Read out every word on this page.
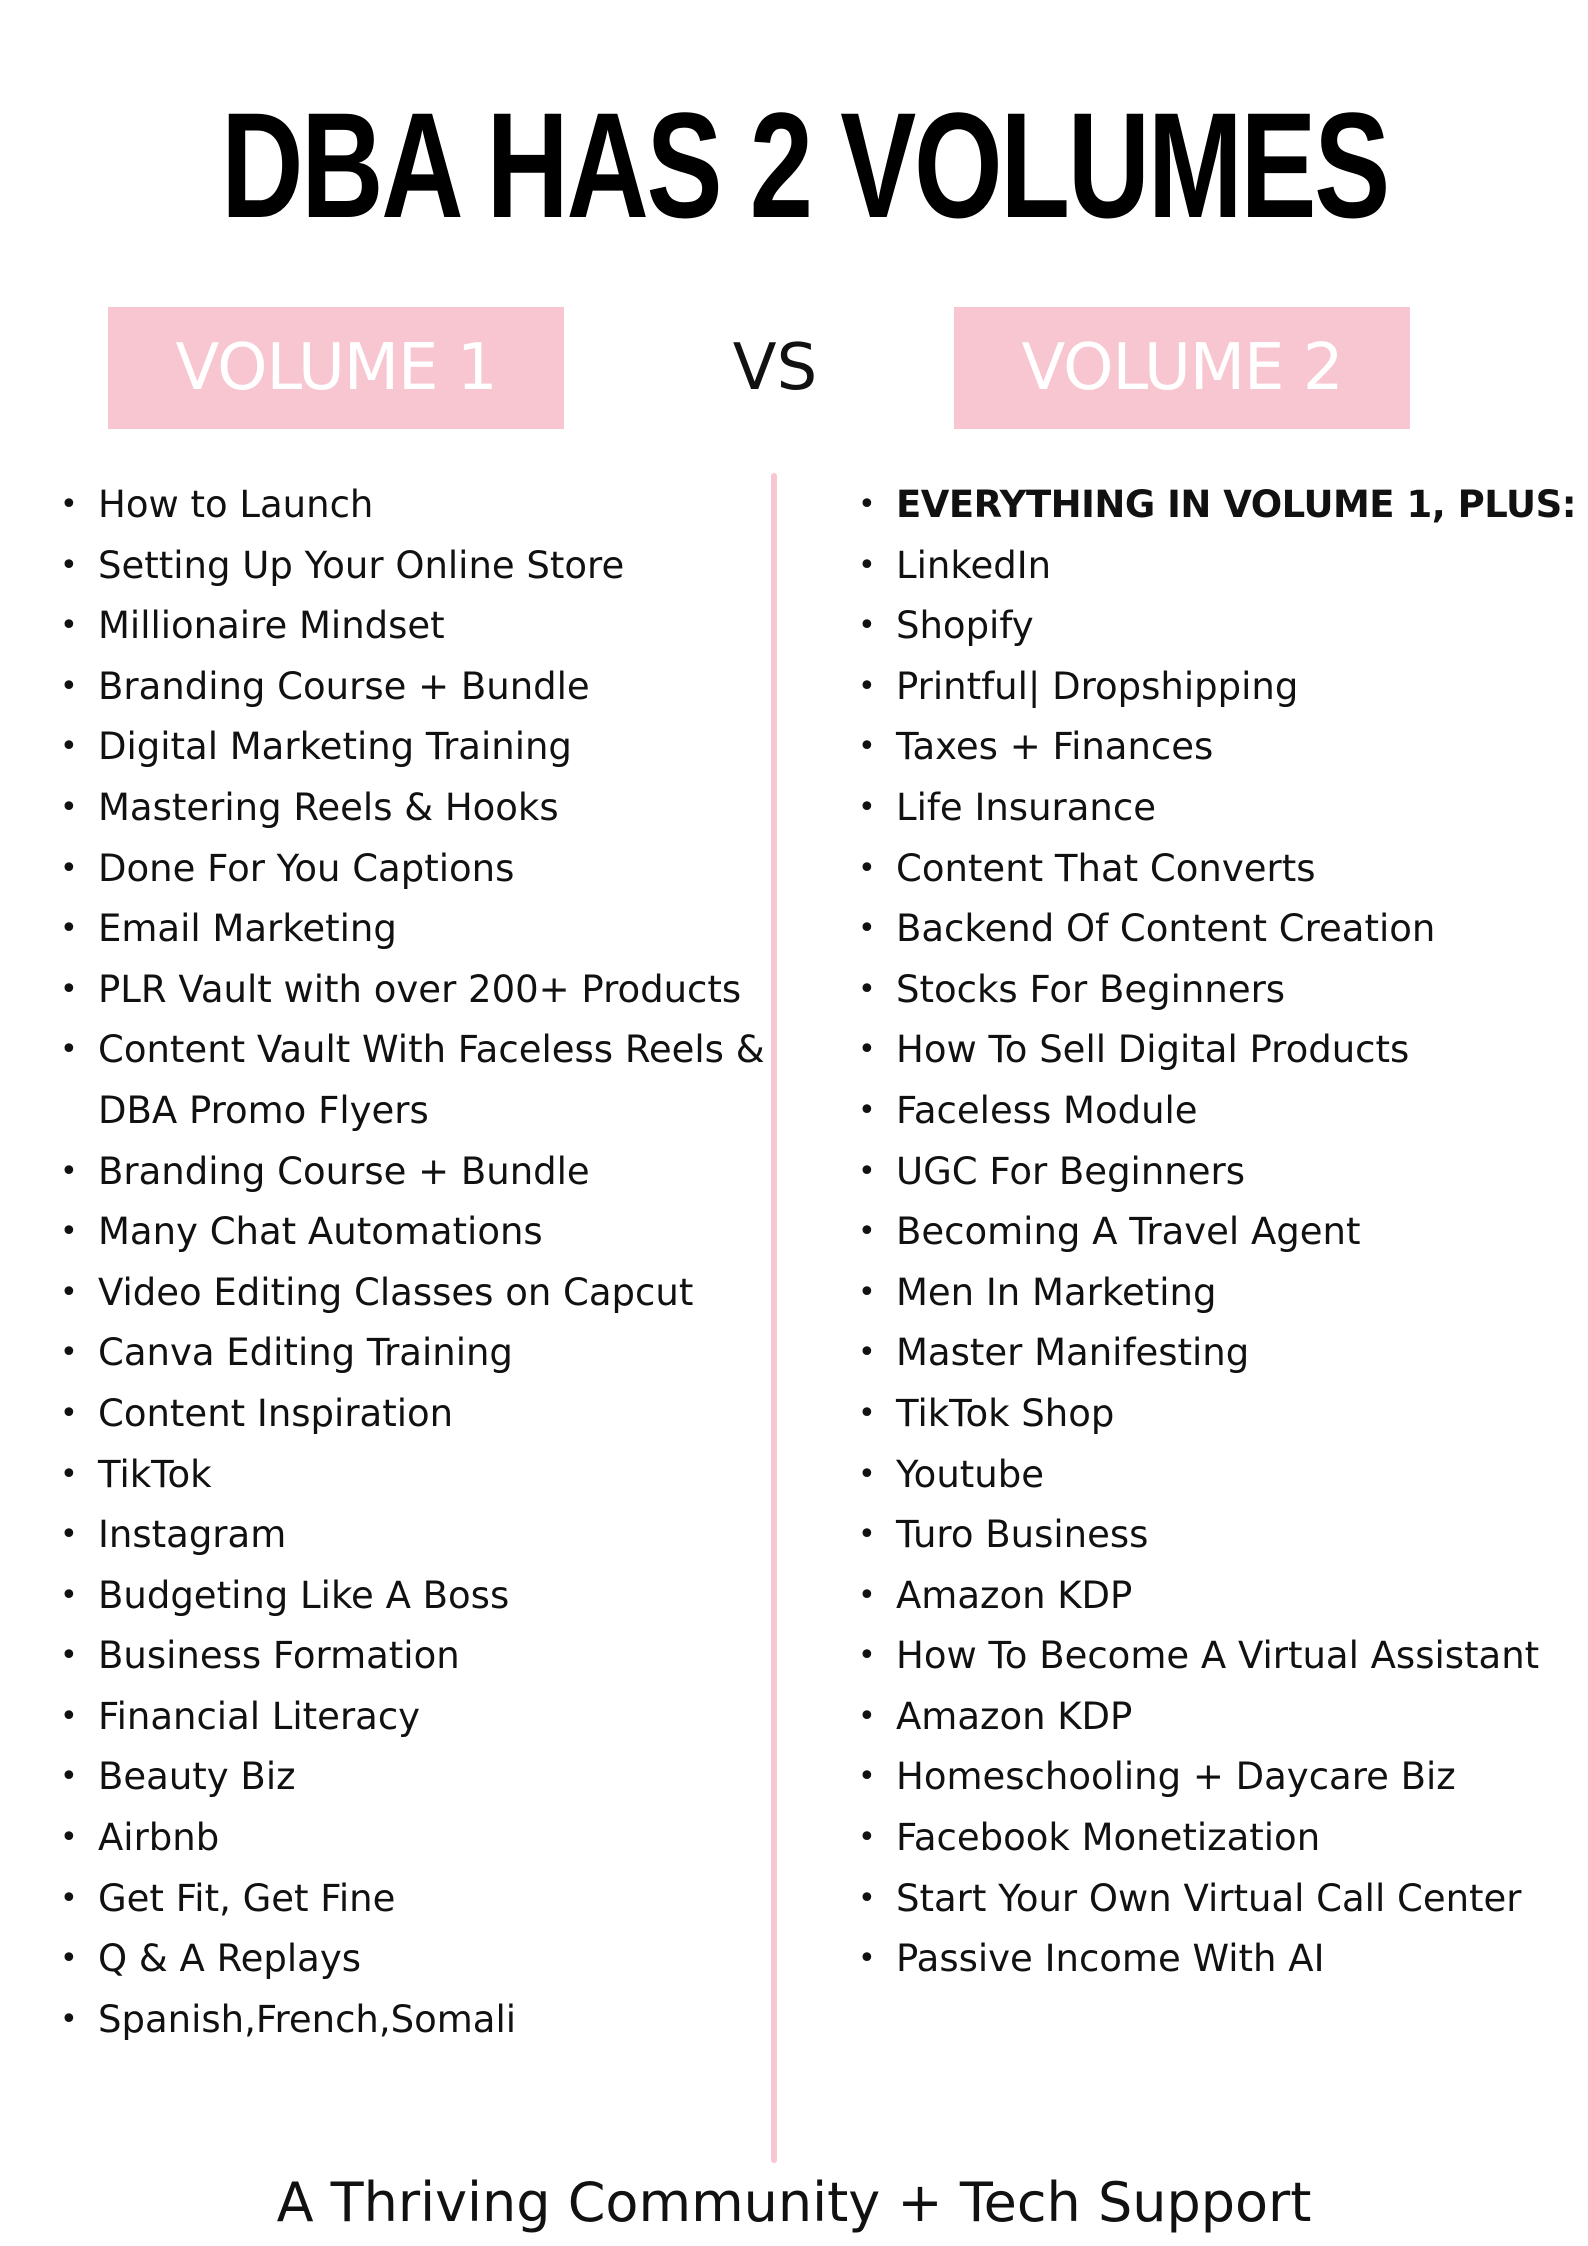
DBA HAS 2 VOLUMES
VOLUME 1	VS	VOLUME 2
• How to Launch
• Setting Up Your Online Store
• Millionaire Mindset
• Branding Course + Bundle
• Digital Marketing Training
• Mastering Reels & Hooks
• Done For You Captions
• Email Marketing
• PLR Vault with over 200+ Products
• Content Vault With Faceless Reels &
DBA Promo Flyers
• Branding Course + Bundle
• Many Chat Automations
• Video Editing Classes on Capcut
• Canva Editing Training
• Content Inspiration
• TikTok
• Instagram
• Budgeting Like A Boss
• Business Formation
• Financial Literacy
• Beauty Biz
• Airbnb
• Get Fit, Get Fine
• Q & A Replays
• Spanish,French,Somali
• EVERYTHING IN VOLUME 1, PLUS:
• LinkedIn
• Shopify
• Printful| Dropshipping
• Taxes + Finances
• Life Insurance
• Content That Converts
• Backend Of Content Creation
• Stocks For Beginners
• How To Sell Digital Products
• Faceless Module
• UGC For Beginners
• Becoming A Travel Agent
• Men In Marketing
• Master Manifesting
• TikTok Shop
• Youtube
• Turo Business
• Amazon KDP
• How To Become A Virtual Assistant
• Amazon KDP
• Homeschooling + Daycare Biz
• Facebook Monetization
• Start Your Own Virtual Call Center
• Passive Income With AI
A Thriving Community + Tech Support
